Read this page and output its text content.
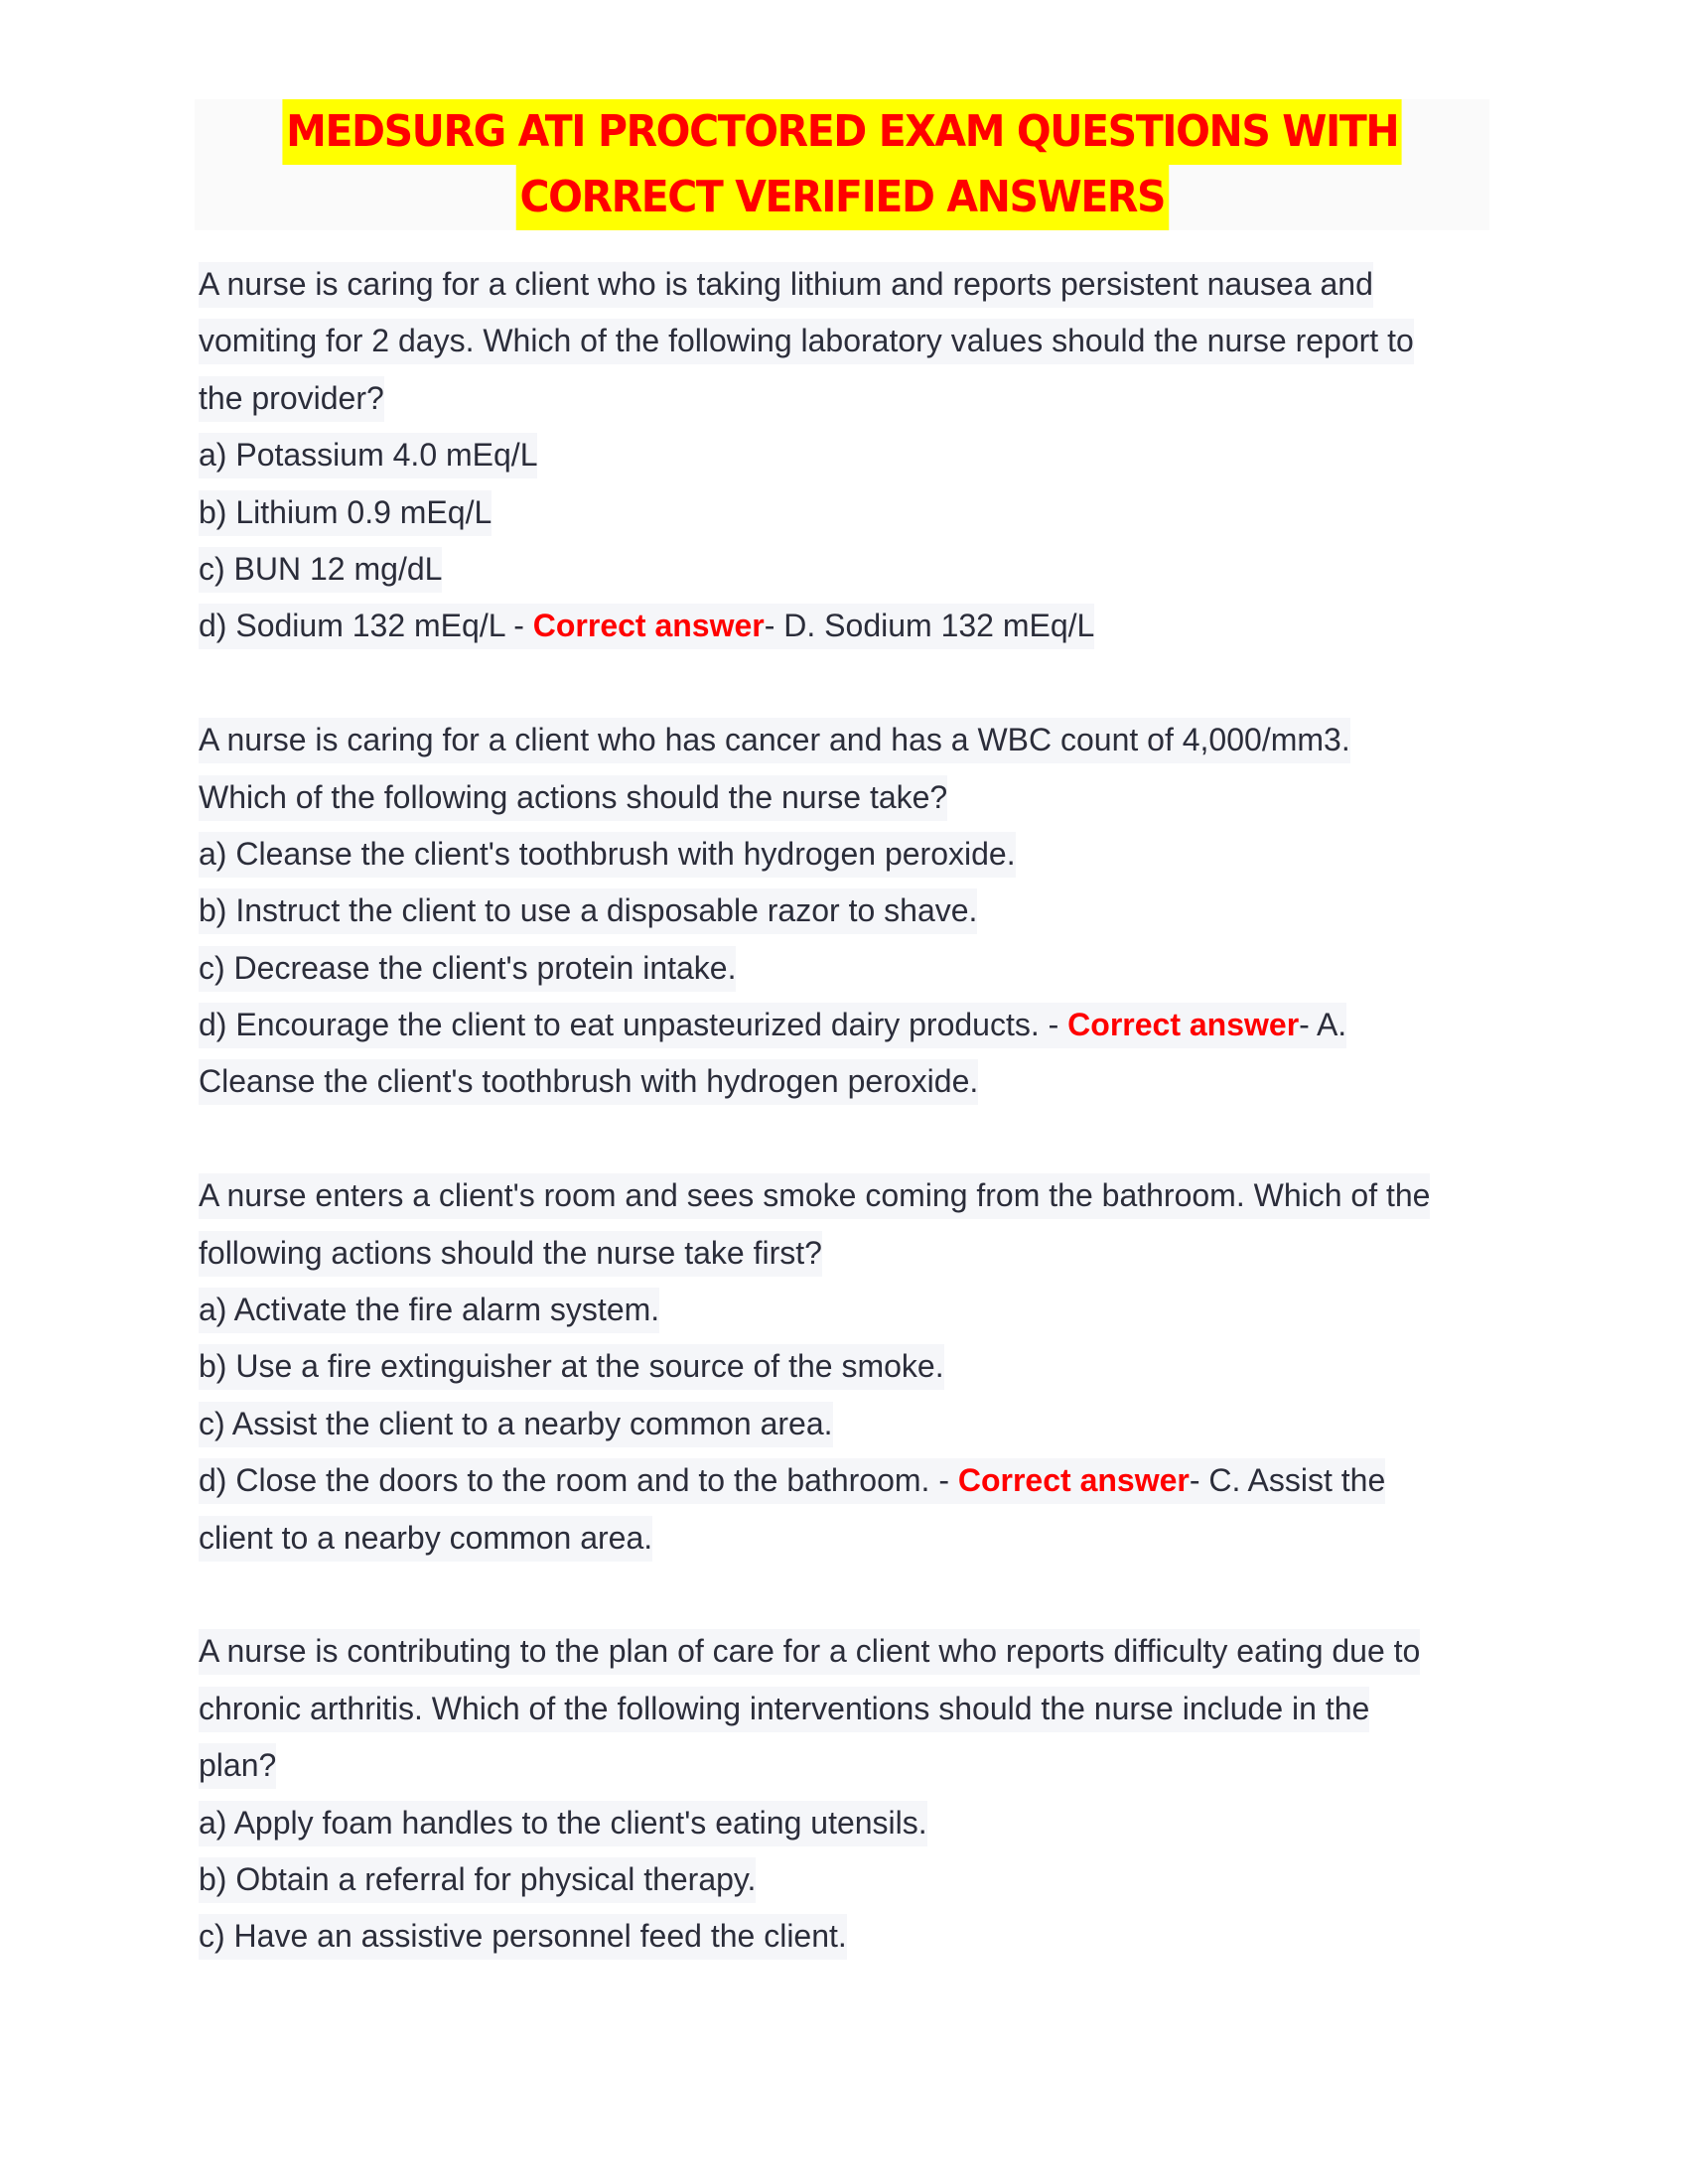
MEDSURG ATI PROCTORED EXAM QUESTIONS WITH
CORRECT VERIFIED ANSWERS
A nurse is caring for a client who is taking lithium and reports persistent nausea and
vomiting for 2 days. Which of the following laboratory values should the nurse report to
the provider?
a) Potassium 4.0 mEq/L
b) Lithium 0.9 mEq/L
c) BUN 12 mg/dL
d) Sodium 132 mEq/L - Correct answer- D. Sodium 132 mEq/L
A nurse is caring for a client who has cancer and has a WBC count of 4,000/mm3.
Which of the following actions should the nurse take?
a) Cleanse the client's toothbrush with hydrogen peroxide.
b) Instruct the client to use a disposable razor to shave.
c) Decrease the client's protein intake.
d) Encourage the client to eat unpasteurized dairy products. - Correct answer- A.
Cleanse the client's toothbrush with hydrogen peroxide.
A nurse enters a client's room and sees smoke coming from the bathroom. Which of the
following actions should the nurse take first?
a) Activate the fire alarm system.
b) Use a fire extinguisher at the source of the smoke.
c) Assist the client to a nearby common area.
d) Close the doors to the room and to the bathroom. - Correct answer- C. Assist the
client to a nearby common area.
A nurse is contributing to the plan of care for a client who reports difficulty eating due to
chronic arthritis. Which of the following interventions should the nurse include in the
plan?
a) Apply foam handles to the client's eating utensils.
b) Obtain a referral for physical therapy.
c) Have an assistive personnel feed the client.
